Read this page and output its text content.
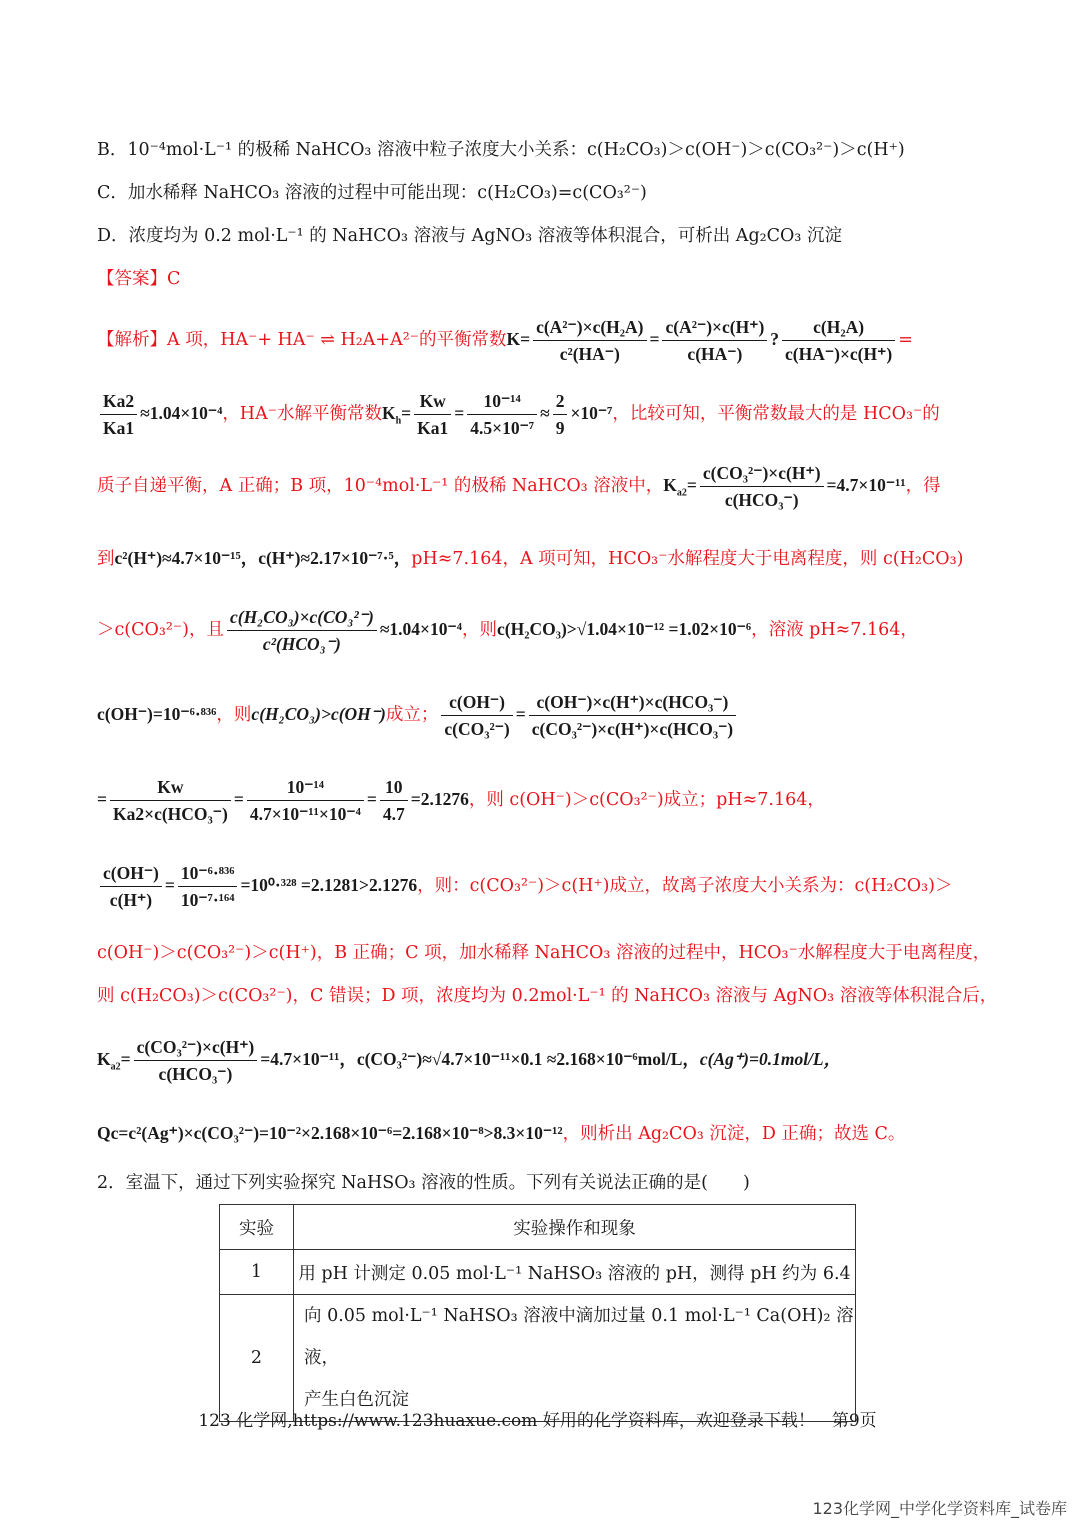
B．10⁻⁴mol·L⁻¹ 的极稀 NaHCO₃ 溶液中粒子浓度大小关系：c(H₂CO₃)＞c(OH⁻)＞c(CO₃²⁻)＞c(H⁺)
C．加水稀释 NaHCO₃ 溶液的过程中可能出现：c(H₂CO₃)=c(CO₃²⁻)
D．浓度均为 0.2 mol·L⁻¹ 的 NaHCO₃ 溶液与 AgNO₃ 溶液等体积混合，可析出 Ag₂CO₃ 沉淀
【答案】C
【解析】A 项，HA⁻+ HA⁻ ⇌ H₂A+A²⁻的平衡常数$K= \frac{\text{c(A²⁻)×c(H₂A)}}{\text{c²(HA⁻)}} = \frac{\text{c(A²⁻)×c(H⁺)}}{c(HA^-)}$ ? $\frac{\text{c(H₂A)}}{c(HA^-)\times c(H^+)}$ =
$\frac{Ka2}{Ka1} \approx 1.04\times 10^{-4}$，HA⁻水解平衡常数$K_h= \frac{Kw}{Ka1} = \frac{\text{10⁻¹⁴}}{\text{4.5×10⁻⁷}} \approx \frac{2}{9} \times 10^{-7}$，比较可知，平衡常数最大的是 HCO₃⁻的
质子自递平衡，A 正确；B 项，10⁻⁴mol·L⁻¹ 的极稀 NaHCO₃ 溶液中，$K_{a2}= \frac{\text{c(CO₃²⁻)×c(H⁺)}}{\text{c(HCO₃⁻)}} =4.7\times 10^{-11}$，得
到c²(H⁺)≈4.7×10⁻¹⁵，c(H⁺)≈2.17×10⁻⁷·⁵，pH≈7.164，A 项可知，HCO₃⁻水解程度大于电离程度，则 c(H₂CO₃)
＞c(CO₃²⁻)，且 $\frac{\text{c(H₂CO₃)×c(CO₃²⁻)}}{\text{c²(HCO₃⁻)}} \approx 1.04\times 10^{-4}$，则c(H₂CO₃)>√1.04×10⁻¹² =1.02×10⁻⁶，溶液 pH≈7.164，
c(OH⁻)=10⁻⁶·⁸³⁶，则c(H₂CO₃)>c(OH⁻)成立； $\frac{c(OH^-)}{\text{c(CO₃²⁻)}} = \frac{\text{c(OH⁻)×c(H⁺)×c(HCO₃⁻)}}{\text{c(CO₃²⁻)×c(H⁺)×c(HCO₃⁻)}}$
= $\frac{Kw}{\text{Ka2×c(HCO₃⁻)}} = \frac{\text{10⁻¹⁴}}{\text{4.7×10⁻¹¹×10⁻⁴}} = \frac{10}{4.7} =2.1276$，则 c(OH⁻)＞c(CO₃²⁻)成立；pH≈7.164，
$\frac{c(OH^-)}{c(H^+)} = \frac{\text{10⁻⁶·⁸³⁶}}{\text{10⁻⁷·¹⁶⁴}} =10^0\cdot^{328} =2.1281>2.1276$，则：c(CO₃²⁻)＞c(H⁺)成立，故离子浓度大小关系为：c(H₂CO₃)＞
c(OH⁻)＞c(CO₃²⁻)＞c(H⁺)，B 正确；C 项，加水稀释 NaHCO₃ 溶液的过程中，HCO₃⁻水解程度大于电离程度，
则 c(H₂CO₃)＞c(CO₃²⁻)，C 错误；D 项，浓度均为 0.2mol·L⁻¹ 的 NaHCO₃ 溶液与 AgNO₃ 溶液等体积混合后，
$K_{a2}= \frac{\text{c(CO₃²⁻)×c(H⁺)}}{\text{c(HCO₃⁻)}} =4.7\times 10^{-11}$，c(CO₃²⁻)≈√4.7×10⁻¹¹×0.1 ≈2.168×10⁻⁶mol/L，c(Ag⁺)=0.1mol/L，
Qc=c²(Ag⁺)×c(CO₃²⁻)=10⁻²×2.168×10⁻⁶=2.168×10⁻⁸>8.3×10⁻¹²，则析出 Ag₂CO₃ 沉淀，D 正确；故选 C。
2．室温下，通过下列实验探究 NaHSO₃ 溶液的性质。下列有关说法正确的是(　　)
实验	实验操作和现象
1	用 pH 计测定 0.05 mol·L⁻¹ NaHSO₃ 溶液的 pH，测得 pH 约为 6.4
2	向 0.05 mol·L⁻¹ NaHSO₃ 溶液中滴加过量 0.1 mol·L⁻¹ Ca(OH)₂ 溶液，
产生白色沉淀
123 化学网,https://www.123huaxue.com 好用的化学资料库，欢迎登录下载！　第9页
123化学网_中学化学资料库_试卷库
